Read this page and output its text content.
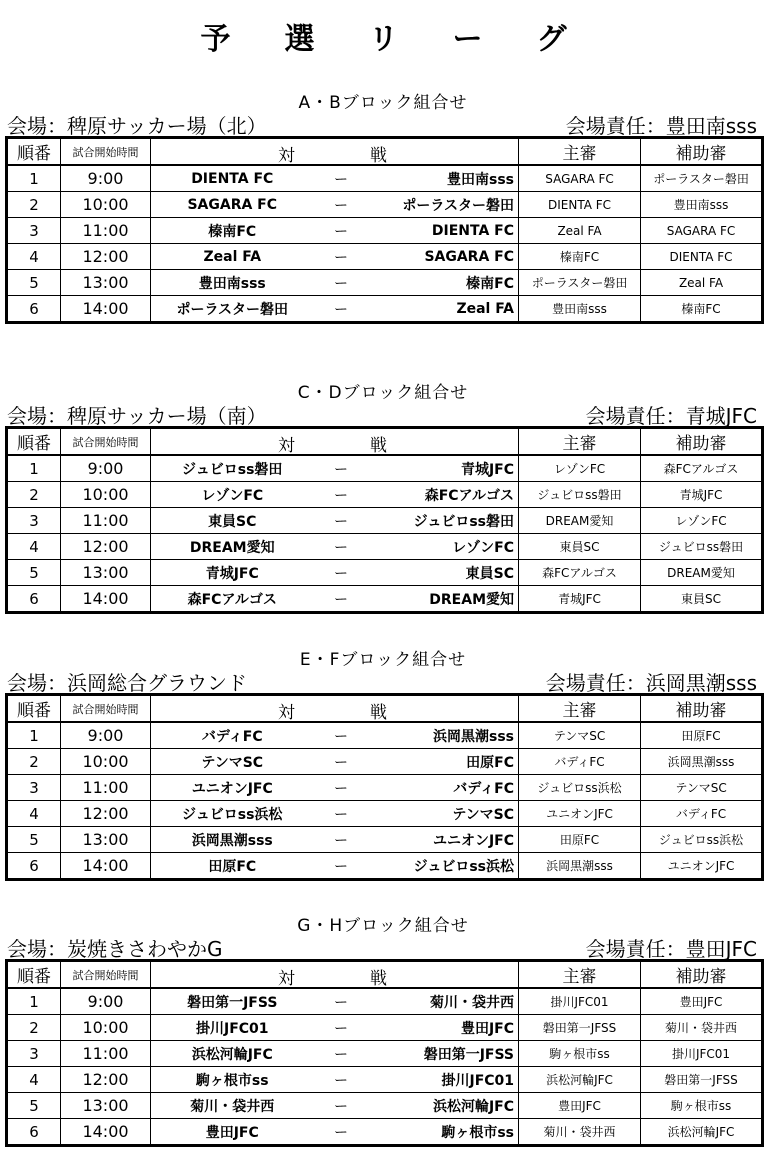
予 選 リ ー グ
A・Bブロック組合せ
会場：稗原サッカー場（北）	会場責任：豊田南sss
順番	試合開始時間	対 戦			主審	補助審
1	9:00	DIENTA FC	ー	豊田南sss	SAGARA FC	ポーラスター磐田
2	10:00	SAGARA FC	ー	ポーラスター磐田	DIENTA FC	豊田南sss
3	11:00	榛南FC	ー	DIENTA FC	Zeal FA	SAGARA FC
4	12:00	Zeal FA	ー	SAGARA FC	榛南FC	DIENTA FC
5	13:00	豊田南sss	ー	榛南FC	ポーラスター磐田	Zeal FA
6	14:00	ポーラスター磐田	ー	Zeal FA	豊田南sss	榛南FC
C・Dブロック組合せ
会場：稗原サッカー場（南）	会場責任：青城JFC
順番	試合開始時間	対 戦			主審	補助審
1	9:00	ジュビロss磐田	ー	青城JFC	レゾンFC	森FCアルゴス
2	10:00	レゾンFC	ー	森FCアルゴス	ジュビロss磐田	青城JFC
3	11:00	東員SC	ー	ジュビロss磐田	DREAM愛知	レゾンFC
4	12:00	DREAM愛知	ー	レゾンFC	東員SC	ジュビロss磐田
5	13:00	青城JFC	ー	東員SC	森FCアルゴス	DREAM愛知
6	14:00	森FCアルゴス	ー	DREAM愛知	青城JFC	東員SC
E・Fブロック組合せ
会場：浜岡総合グラウンド	会場責任：浜岡黒潮sss
順番	試合開始時間	対 戦			主審	補助審
1	9:00	バディFC	ー	浜岡黒潮sss	テンマSC	田原FC
2	10:00	テンマSC	ー	田原FC	バディFC	浜岡黒潮sss
3	11:00	ユニオンJFC	ー	バディFC	ジュビロss浜松	テンマSC
4	12:00	ジュビロss浜松	ー	テンマSC	ユニオンJFC	バディFC
5	13:00	浜岡黒潮sss	ー	ユニオンJFC	田原FC	ジュビロss浜松
6	14:00	田原FC	ー	ジュビロss浜松	浜岡黒潮sss	ユニオンJFC
G・Hブロック組合せ
会場：炭焼きさわやかG	会場責任：豊田JFC
順番	試合開始時間	対 戦			主審	補助審
1	9:00	磐田第一JFSS	ー	菊川・袋井西	掛川JFC01	豊田JFC
2	10:00	掛川JFC01	ー	豊田JFC	磐田第一JFSS	菊川・袋井西
3	11:00	浜松河輪JFC	ー	磐田第一JFSS	駒ヶ根市ss	掛川JFC01
4	12:00	駒ヶ根市ss	ー	掛川JFC01	浜松河輪JFC	磐田第一JFSS
5	13:00	菊川・袋井西	ー	浜松河輪JFC	豊田JFC	駒ヶ根市ss
6	14:00	豊田JFC	ー	駒ヶ根市ss	菊川・袋井西	浜松河輪JFC
